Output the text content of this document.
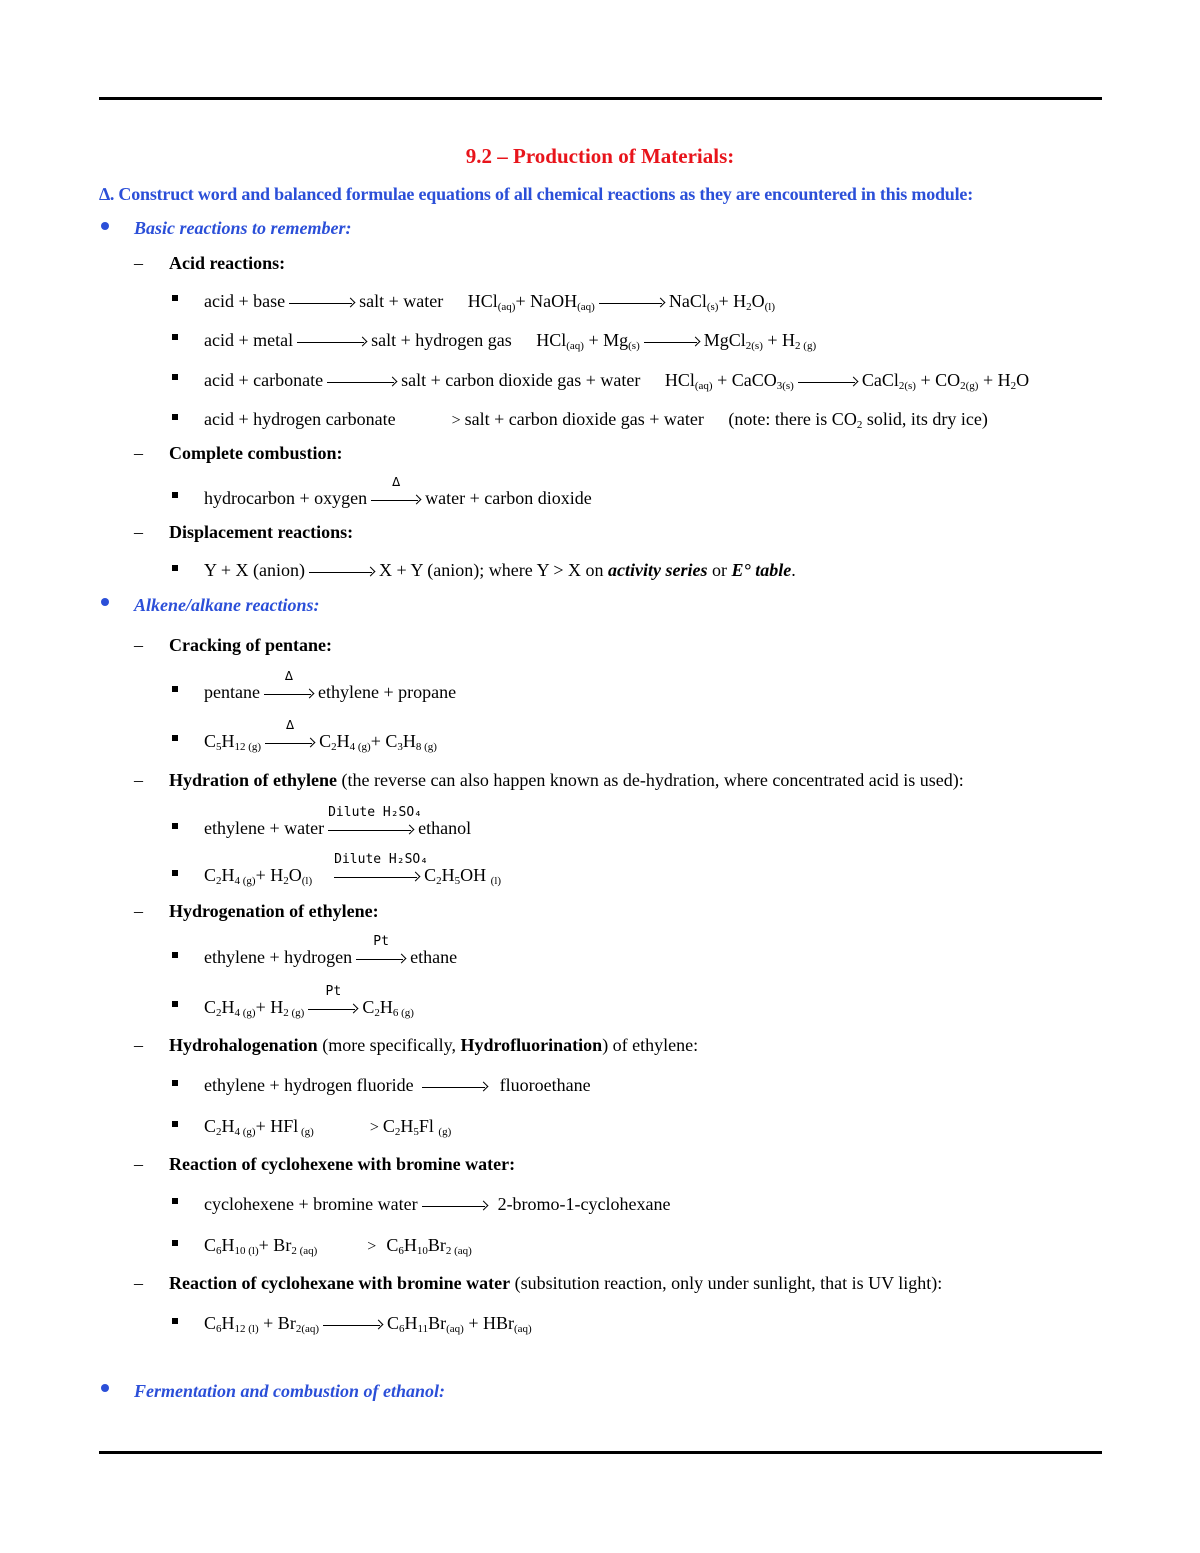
9.2 – Production of Materials:
∆. Construct word and balanced formulae equations of all chemical reactions as they are encountered in this module:
Basic reactions to remember:
– Acid reactions:
acid + base	salt + water HCl$_{(aq)}$+ NaOH$_{(aq)}$	NaCl$_{(s)}$+ $H_2O_{(l)}$
acid + metal	salt + hydrogen gas $HCl_{(aq)} + Mg_{(s)}$	MgCl$_{2(s)}$ + $H_{2 (g)}$
acid + carbonate	salt + carbon dioxide gas + water HCl$_{(aq)}$ + CaCO$_{3(s)}$	CaCl$_{2(s)}$ + $CO_{2(g)} + H_2O$
acid + hydrogen carbonate	> salt + carbon dioxide gas + water (note: there is $CO_2$ solid, its dry ice)
– Complete combustion:
hydrocarbon + oxygen
∆
water + carbon dioxide
– Displacement reactions:
Y + X (anion)	X + Y (anion); where Y > X on activity series or E° table.
Alkene/alkane reactions:
– Cracking of pentane:
pentane
∆
ethylene + propane
$C_5H_{12 (g)}$
∆
$C_2H_{4 (g)}+ C_3H_{8 (g)}$
– Hydration of ethylene (the reverse can also happen known as de-hydration, where concentrated acid is used):
ethylene + water
Dilute H₂SO₄
ethanol
$C_2H_{4 (g)}+ H_2O_{(l)}$
Dilute H₂SO₄
$C_2H_5OH$ $_{(l)}$
– Hydrogenation of ethylene:
ethylene + hydrogen
Pt
ethane
$C_2H_{4 (g)}+ H_{2 (g)}$
Pt
$C_2H_{6 (g)}$
– Hydrohalogenation (more specifically, Hydrofluorination) of ethylene:
ethylene + hydrogen fluoride	fluoroethane
$C_2H_{4 (g)}+$ HFl $_{(g)}$	> $C_2H_5Fl$ $_{(g)}$
– Reaction of cyclohexene with bromine water:
cyclohexene + bromine water	2-bromo-1-cyclohexane
$C_6H_{10 (l)}+ Br_{2 (aq)}$	> $C_6H_{10}Br_{2 (aq)}$
– Reaction of cyclohexane with bromine water (subsitution reaction, only under sunlight, that is UV light):
$C_6H_{12 (l)} + Br_{2(aq)}$	$C_6H_{11}Br_{(aq)} + HBr_{(aq)}$
Fermentation and combustion of ethanol:
